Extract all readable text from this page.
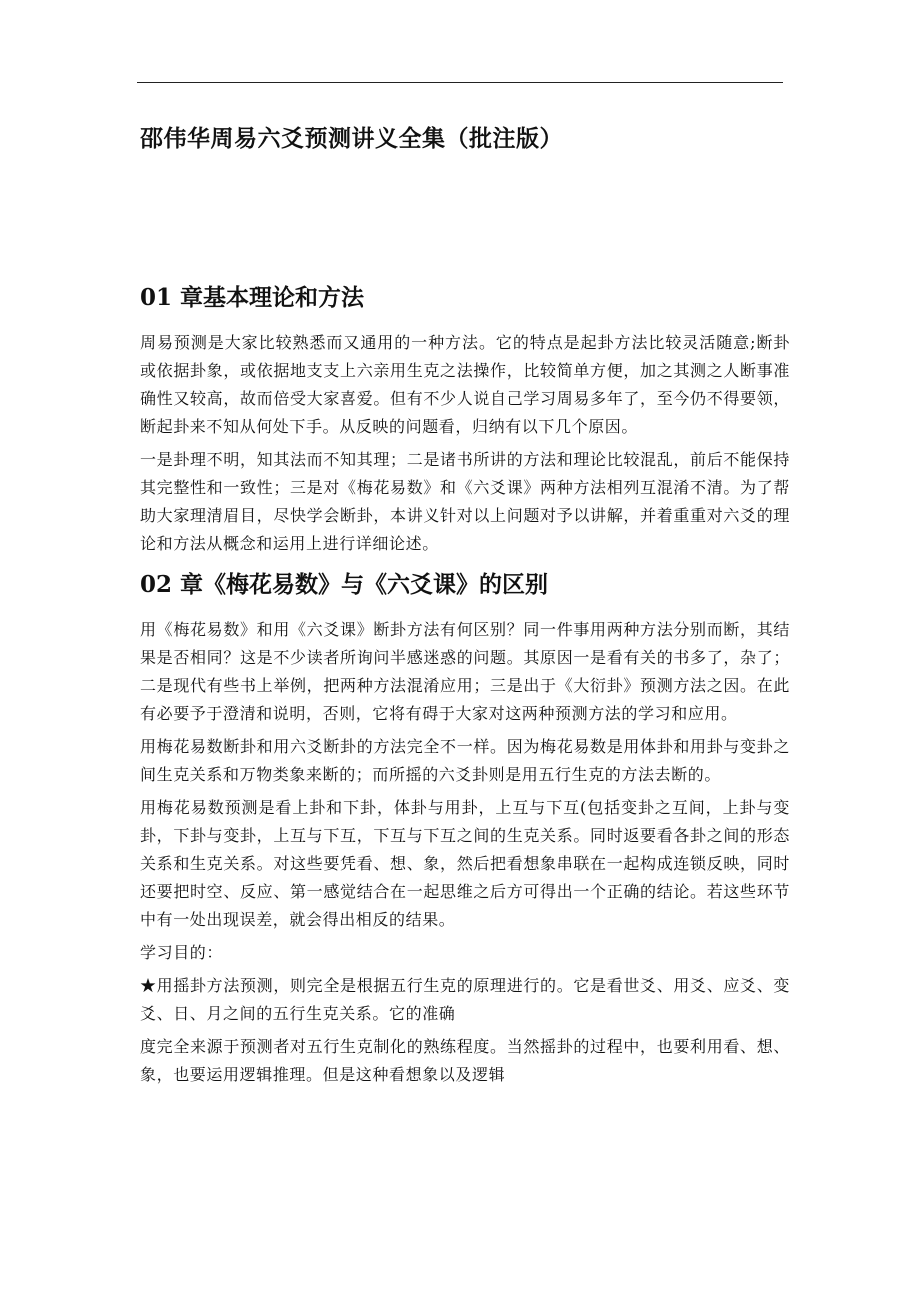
邵伟华周易六爻预测讲义全集（批注版）
01 章基本理论和方法

周易预测是大家比较熟悉而又通用的一种方法。它的特点是起卦方法比较灵活随意;断卦或依据卦象，或依据地支支上六亲用生克之法操作，比较简单方便，加之其测之人断事准确性又较高，故而倍受大家喜爱。但有不少人说自己学习周易多年了，至今仍不得要领，断起卦来不知从何处下手。从反映的问题看，归纳有以下几个原因。

一是卦理不明，知其法而不知其理；二是诸书所讲的方法和理论比较混乱，前后不能保持其完整性和一致性；三是对《梅花易数》和《六爻课》两种方法相列互混淆不清。为了帮助大家理清眉目，尽快学会断卦，本讲义针对以上问题对予以讲解，并着重重对六爻的理论和方法从概念和运用上进行详细论述。

02 章《梅花易数》与《六爻课》的区别

用《梅花易数》和用《六爻课》断卦方法有何区别？同一件事用两种方法分别而断，其结果是否相同？这是不少读者所询问半感迷惑的问题。其原因一是看有关的书多了，杂了；二是现代有些书上举例，把两种方法混淆应用；三是出于《大衍卦》预测方法之因。在此有必要予于澄清和说明，否则，它将有碍于大家对这两种预测方法的学习和应用。

用梅花易数断卦和用六爻断卦的方法完全不一样。因为梅花易数是用体卦和用卦与变卦之间生克关系和万物类象来断的；而所摇的六爻卦则是用五行生克的方法去断的。

用梅花易数预测是看上卦和下卦，体卦与用卦，上互与下互(包括变卦之互间，上卦与变卦，下卦与变卦，上互与下互，下互与下互之间的生克关系。同时返要看各卦之间的形态关系和生克关系。对这些要凭看、想、象，然后把看想象串联在一起构成连锁反映，同时还要把时空、反应、第一感觉结合在一起思维之后方可得出一个正确的结论。若这些环节中有一处出现误差，就会得出相反的结果。

学习目的：

★用摇卦方法预测，则完全是根据五行生克的原理进行的。它是看世爻、用爻、应爻、变爻、日、月之间的五行生克关系。它的准确

度完全来源于预测者对五行生克制化的熟练程度。当然摇卦的过程中，也要利用看、想、象，也要运用逻辑推理。但是这种看想象以及逻辑
